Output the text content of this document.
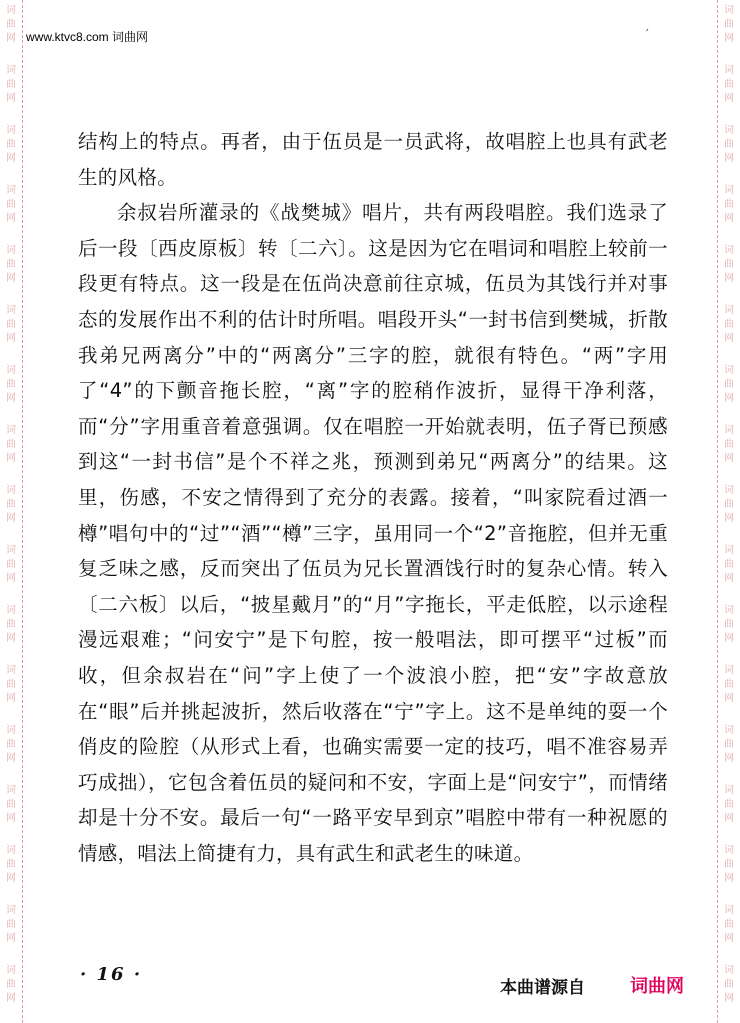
词
曲
网
词
曲
网
词
曲
网
词
曲
网
词
曲
网
词
曲
网
词
曲
网
词
曲
网
词
曲
网
词
曲
网
词
曲
网
词
曲
网
词
曲
网
词
曲
网
词
曲
网
词
曲
网
词
曲
网
词
曲
网
词
曲
网
词
曲
网
词
曲
网
词
曲
网
词
曲
网
词
曲
网
词
曲
网
词
曲
网
词
曲
网
词
曲
网
词
曲
网
词
曲
网
词
曲
网
词
曲
网
词
曲
网
词
曲
网
www.ktvc8.com 词曲网	′

结构上的特点。再者，由于伍员是一员武将，故唱腔上也具有武老生的风格。

余叔岩所灌录的《战樊城》唱片，共有两段唱腔。我们选录了后一段〔西皮原板〕转〔二六〕。这是因为它在唱词和唱腔上较前一段更有特点。这一段是在伍尚决意前往京城，伍员为其饯行并对事态的发展作出不利的估计时所唱。唱段开头“一封书信到樊城，折散我弟兄两离分”中的“两离分”三字的腔，就很有特色。“两”字用了“4”的下颤音拖长腔，“离”字的腔稍作波折，显得干净利落，而“分”字用重音着意强调。仅在唱腔一开始就表明，伍子胥已预感到这“一封书信”是个不祥之兆，预测到弟兄“两离分”的结果。这里，伤感，不安之情得到了充分的表露。接着，“叫家院看过酒一樽”唱句中的“过”“酒”“樽”三字，虽用同一个“2”音拖腔，但并无重复乏味之感，反而突出了伍员为兄长置酒饯行时的复杂心情。转入〔二六板〕以后，“披星戴月”的“月”字拖长，平走低腔，以示途程漫远艰难；“问安宁”是下句腔，按一般唱法，即可摆平“过板”而收，但余叔岩在“问”字上使了一个波浪小腔，把“安”字故意放在“眼”后并挑起波折，然后收落在“宁”字上。这不是单纯的耍一个俏皮的险腔（从形式上看，也确实需要一定的技巧，唱不准容易弄巧成拙），它包含着伍员的疑问和不安，字面上是“问安宁”，而情绪却是十分不安。最后一句“一路平安早到京”唱腔中带有一种祝愿的情感，唱法上简捷有力，具有武生和武老生的味道。

· 16 ·
本曲谱源自	词曲网
